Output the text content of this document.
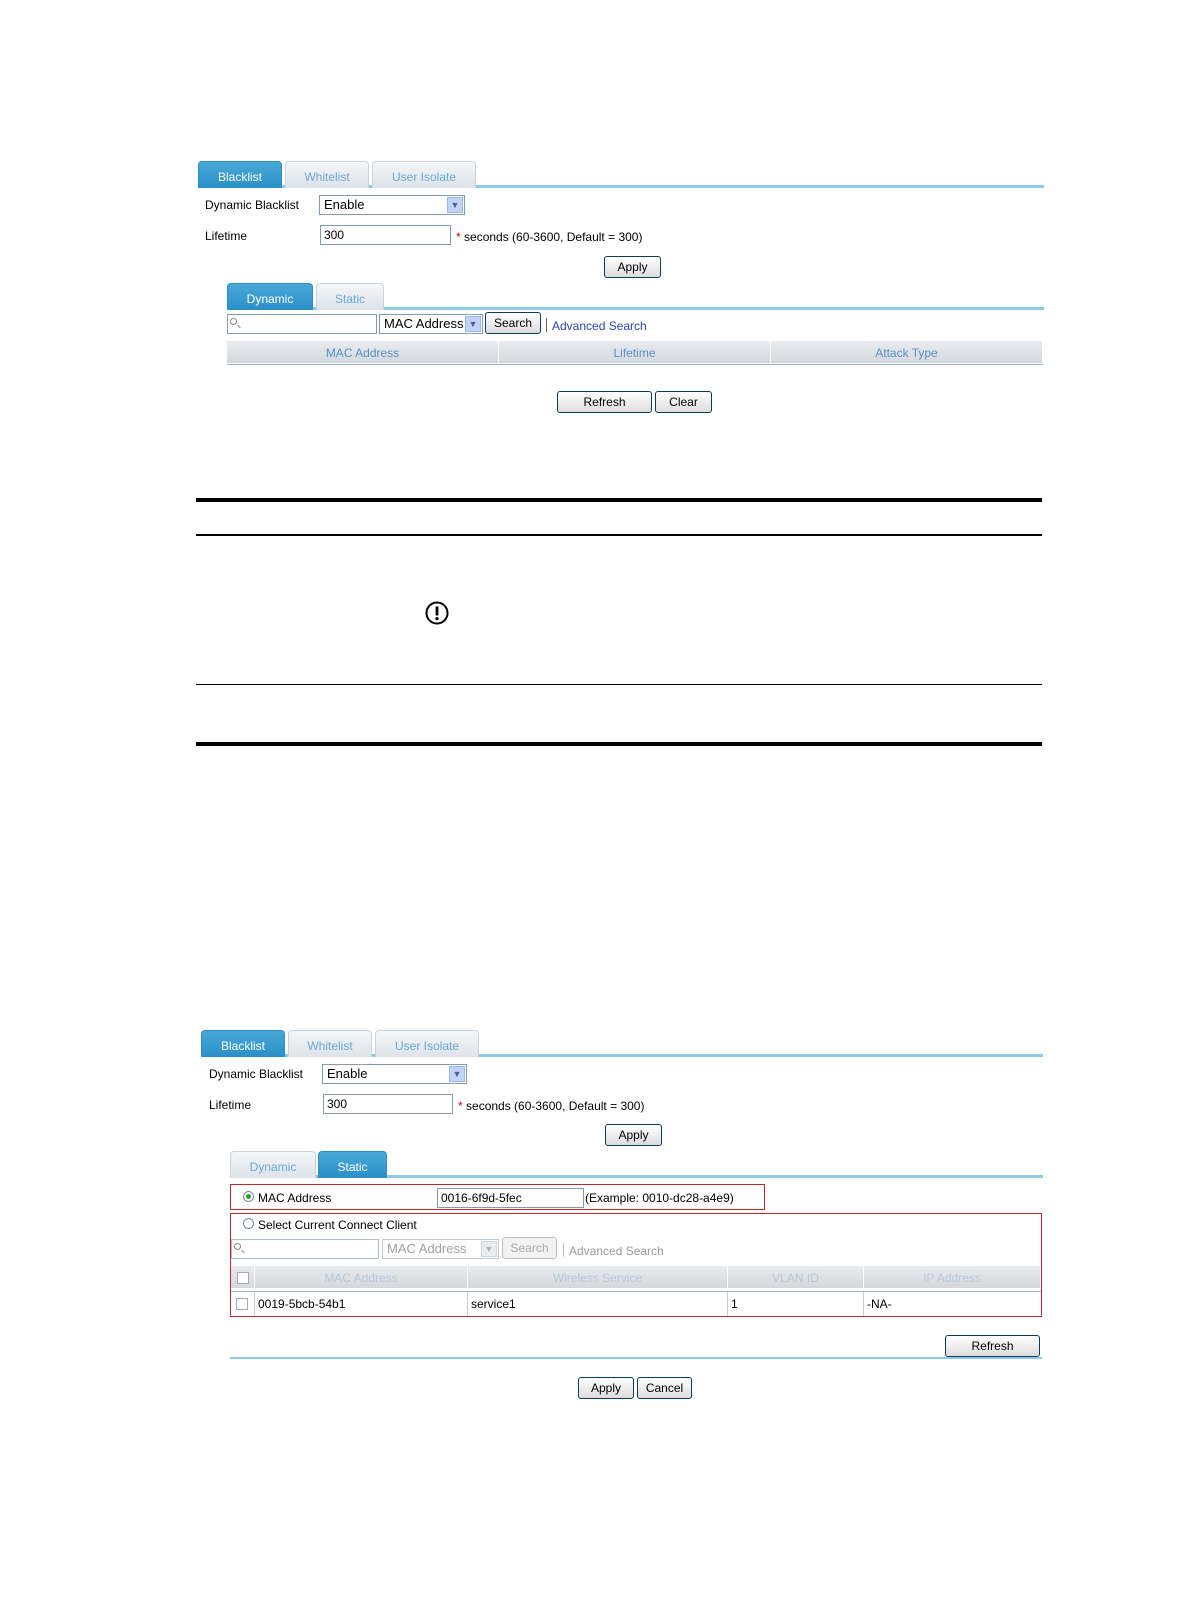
Blacklist	Whitelist	User Isolate
Dynamic Blacklist	Enable	▼
Lifetime	300	* seconds (60-3600, Default = 300)
Apply
Dynamic	Static
MAC Address ▼	Search	Advanced Search
MAC Address	Lifetime	Attack Type
Refresh	Clear
Blacklist	Whitelist	User Isolate
Dynamic Blacklist	Enable	▼
Lifetime	300	* seconds (60-3600, Default = 300)
Apply
Dynamic	Static
MAC Address	0016-6f9d-5fec	(Example: 0010-dc28-a4e9)
Select Current Connect Client
MAC Address	▼	Search	Advanced Search
MAC Address	Wireless Service	VLAN ID	IP Address
0019-5bcb-54b1	service1	1	-NA-
Refresh
Apply	Cancel
